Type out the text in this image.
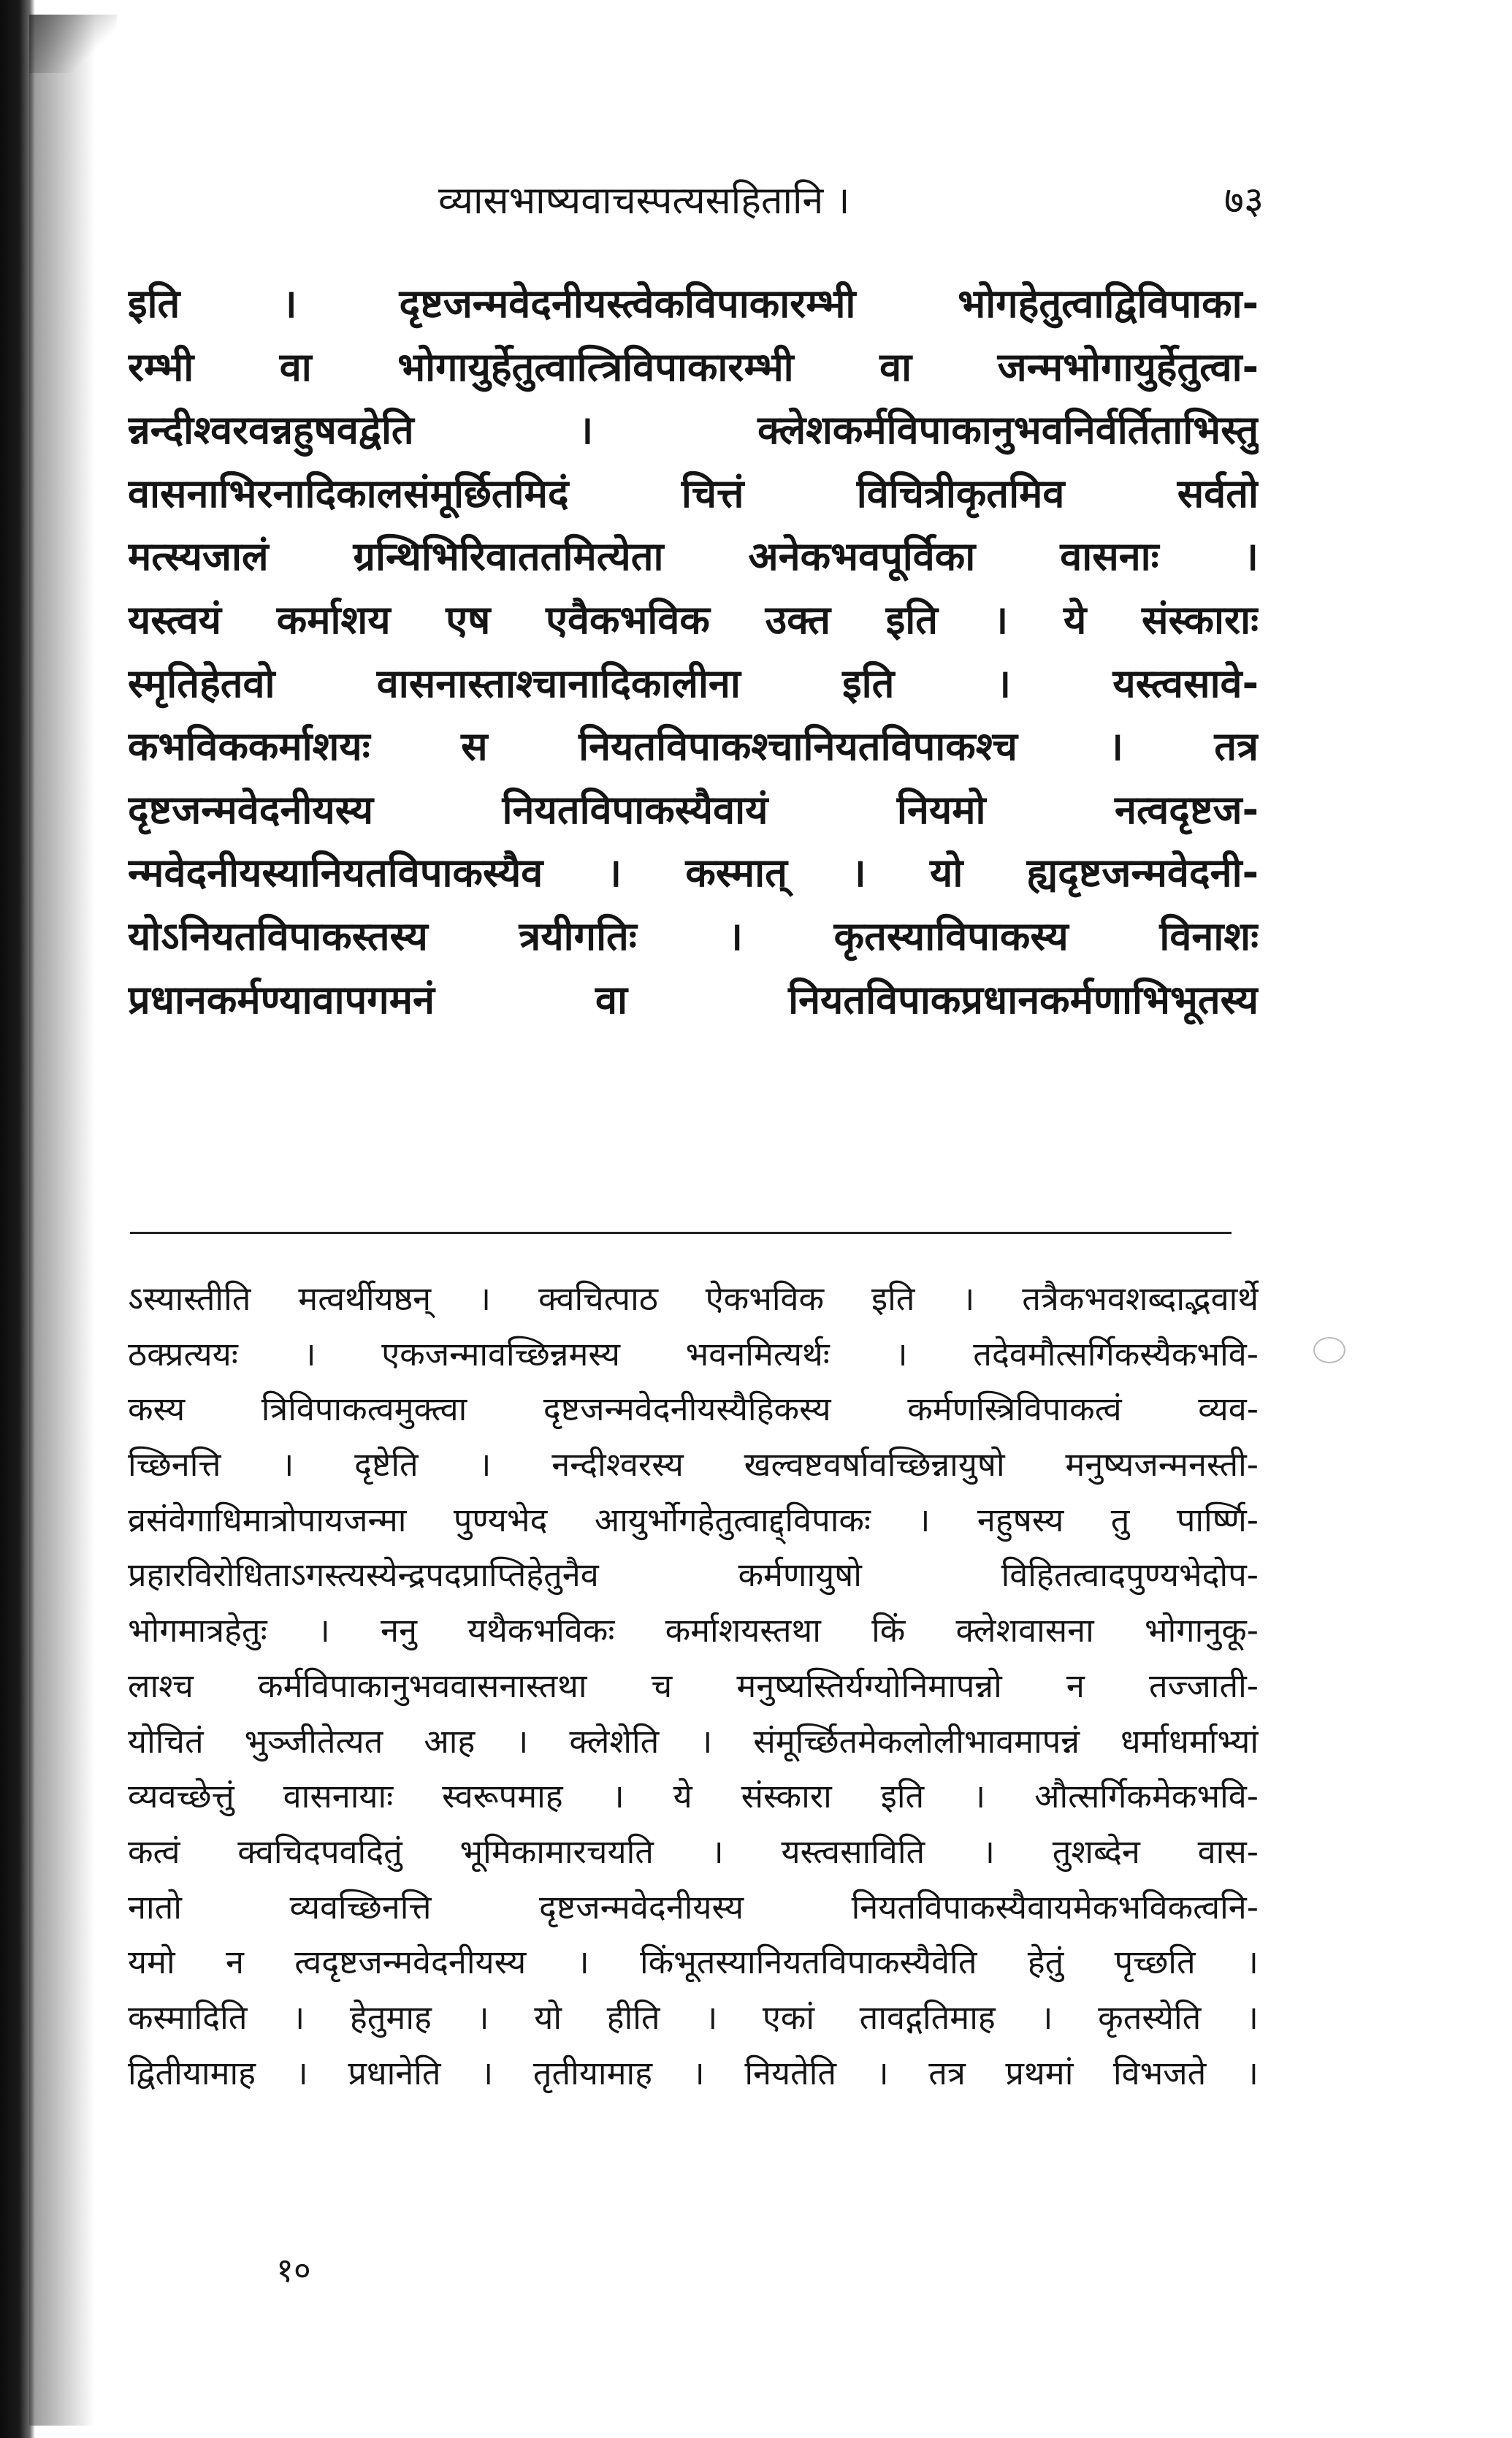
व्यासभाष्यवाचस्पत्यसहितानि ।	७३
इति । दृष्टजन्मवेदनीयस्त्वेकविपाकारम्भी भोगहेतुत्वाद्विविपाका-
रम्भी वा भोगायुर्हेतुत्वात्त्रिविपाकारम्भी वा जन्मभोगायुर्हेतुत्वा-
न्नन्दीश्वरवन्नहुषवद्वेति । क्लेशकर्मविपाकानुभवनिर्वर्तिताभिस्तु
वासनाभिरनादिकालसंमूर्छितमिदं चित्तं विचित्रीकृतमिव सर्वतो
मत्स्यजालं ग्रन्थिभिरिवाततमित्येता अनेकभवपूर्विका वासनाः ।
यस्त्वयं कर्माशय एष एवैकभविक उक्त इति । ये संस्काराः
स्मृतिहेतवो वासनास्ताश्चानादिकालीना इति । यस्त्वसावे-
कभविककर्माशयः स नियतविपाकश्चानियतविपाकश्च । तत्र
दृष्टजन्मवेदनीयस्य नियतविपाकस्यैवायं नियमो नत्वदृष्टज-
न्मवेदनीयस्यानियतविपाकस्यैव । कस्मात् । यो ह्यदृष्टजन्मवेदनी-
योऽनियतविपाकस्तस्य त्रयीगतिः । कृतस्याविपाकस्य विनाशः
प्रधानकर्मण्यावापगमनं वा नियतविपाकप्रधानकर्मणाभिभूतस्य
ऽस्यास्तीति मत्वर्थीयष्ठन् । क्वचित्पाठ ऐकभविक इति । तत्रैकभवशब्दाद्भवार्थे
ठक्प्रत्ययः । एकजन्मावच्छिन्नमस्य भवनमित्यर्थः । तदेवमौत्सर्गिकस्यैकभवि-
कस्य त्रिविपाकत्वमुक्त्वा दृष्टजन्मवेदनीयस्यैहिकस्य कर्मणस्त्रिविपाकत्वं व्यव-
च्छिनत्ति । दृष्टेति । नन्दीश्वरस्य खल्वष्टवर्षावच्छिन्नायुषो मनुष्यजन्मनस्ती-
व्रसंवेगाधिमात्रोपायजन्मा पुण्यभेद आयुर्भोगहेतुत्वाद्द्विपाकः । नहुषस्य तु पार्ष्णि-
प्रहारविरोधिताऽगस्त्यस्येन्द्रपदप्राप्तिहेतुनैव कर्मणायुषो विहितत्वादपुण्यभेदोप-
भोगमात्रहेतुः । ननु यथैकभविकः कर्माशयस्तथा किं क्लेशवासना भोगानुकू-
लाश्च कर्मविपाकानुभववासनास्तथा च मनुष्यस्तिर्यग्योनिमापन्नो न तज्जाती-
योचितं भुञ्जीतेत्यत आह । क्लेशेति । संमूर्च्छितमेकलोलीभावमापन्नं धर्माधर्माभ्यां
व्यवच्छेत्तुं वासनायाः स्वरूपमाह । ये संस्कारा इति । औत्सर्गिकमेकभवि-
कत्वं क्वचिदपवदितुं भूमिकामारचयति । यस्त्वसाविति । तुशब्देन वास-
नातो व्यवच्छिनत्ति दृष्टजन्मवेदनीयस्य नियतविपाकस्यैवायमेकभविकत्वनि-
यमो न त्वदृष्टजन्मवेदनीयस्य । किंभूतस्यानियतविपाकस्यैवेति हेतुं पृच्छति ।
कस्मादिति । हेतुमाह । यो हीति । एकां तावद्गतिमाह । कृतस्येति ।
द्वितीयामाह । प्रधानेति । तृतीयामाह । नियतेति । तत्र प्रथमां विभजते ।
१०
